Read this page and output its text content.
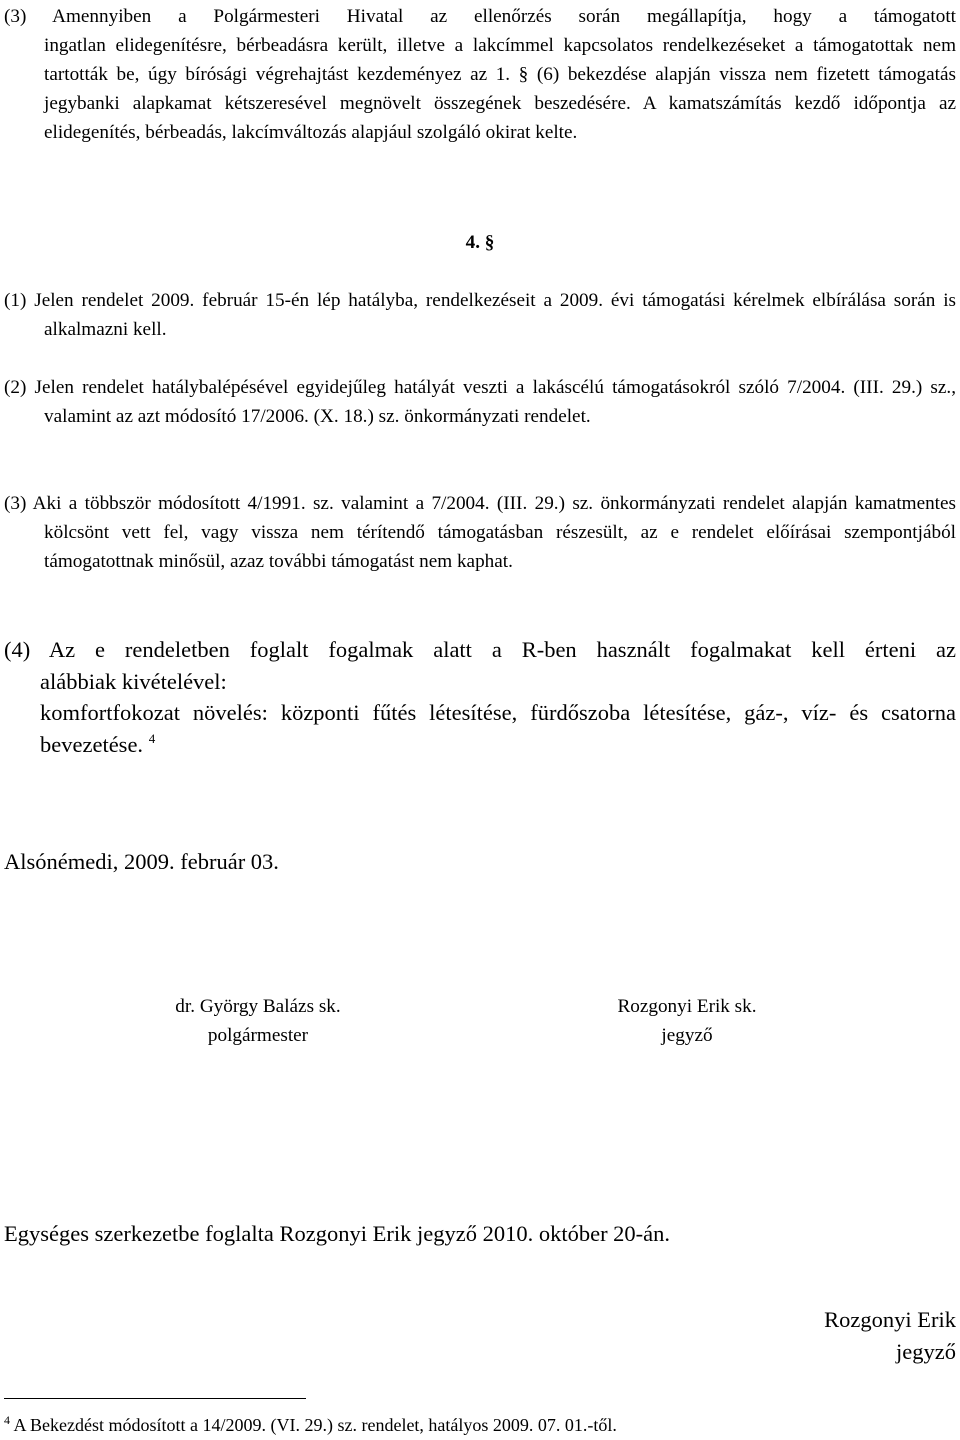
(3) Amennyiben a Polgármesteri Hivatal az ellenőrzés során megállapítja, hogy a támogatott
ingatlan elidegenítésre, bérbeadásra került, illetve a lakcímmel kapcsolatos rendelkezéseket a támogatottak nem tartották be, úgy bírósági végrehajtást kezdeményez az 1. § (6) bekezdése alapján vissza nem fizetett támogatás jegybanki alapkamat kétszeresével megnövelt összegének beszedésére. A kamatszámítás kezdő időpontja az elidegenítés, bérbeadás, lakcímváltozás alapjául szolgáló okirat kelte.
4. §
(1) Jelen rendelet 2009. február 15-én lép hatályba, rendelkezéseit a 2009. évi támogatási kérelmek elbírálása során is alkalmazni kell.
(2) Jelen rendelet hatálybalépésével egyidejűleg hatályát veszti a lakáscélú támogatásokról szóló 7/2004. (III. 29.) sz., valamint az azt módosító 17/2006. (X. 18.) sz. önkormányzati rendelet.
(3) Aki a többször módosított 4/1991. sz. valamint a 7/2004. (III. 29.) sz. önkormányzati rendelet alapján kamatmentes kölcsönt vett fel, vagy vissza nem térítendő támogatásban részesült, az e rendelet előírásai szempontjából támogatottnak minősül, azaz további támogatást nem kaphat.
(4) Az e rendeletben foglalt fogalmak alatt a R-ben használt fogalmakat kell érteni az
alábbiak kivételével:
komfortfokozat növelés: központi fűtés létesítése, fürdőszoba létesítése, gáz-, víz- és csatorna bevezetése. $^4$
Alsónémedi, 2009. február 03.
dr. György Balázs sk.
polgármester
Rozgonyi Erik sk.
jegyző
Egységes szerkezetbe foglalta Rozgonyi Erik jegyző 2010. október 20-án.
Rozgonyi Erik
jegyző
$^4$ A Bekezdést módosított a 14/2009. (VI. 29.) sz. rendelet, hatályos 2009. 07. 01.-től.
